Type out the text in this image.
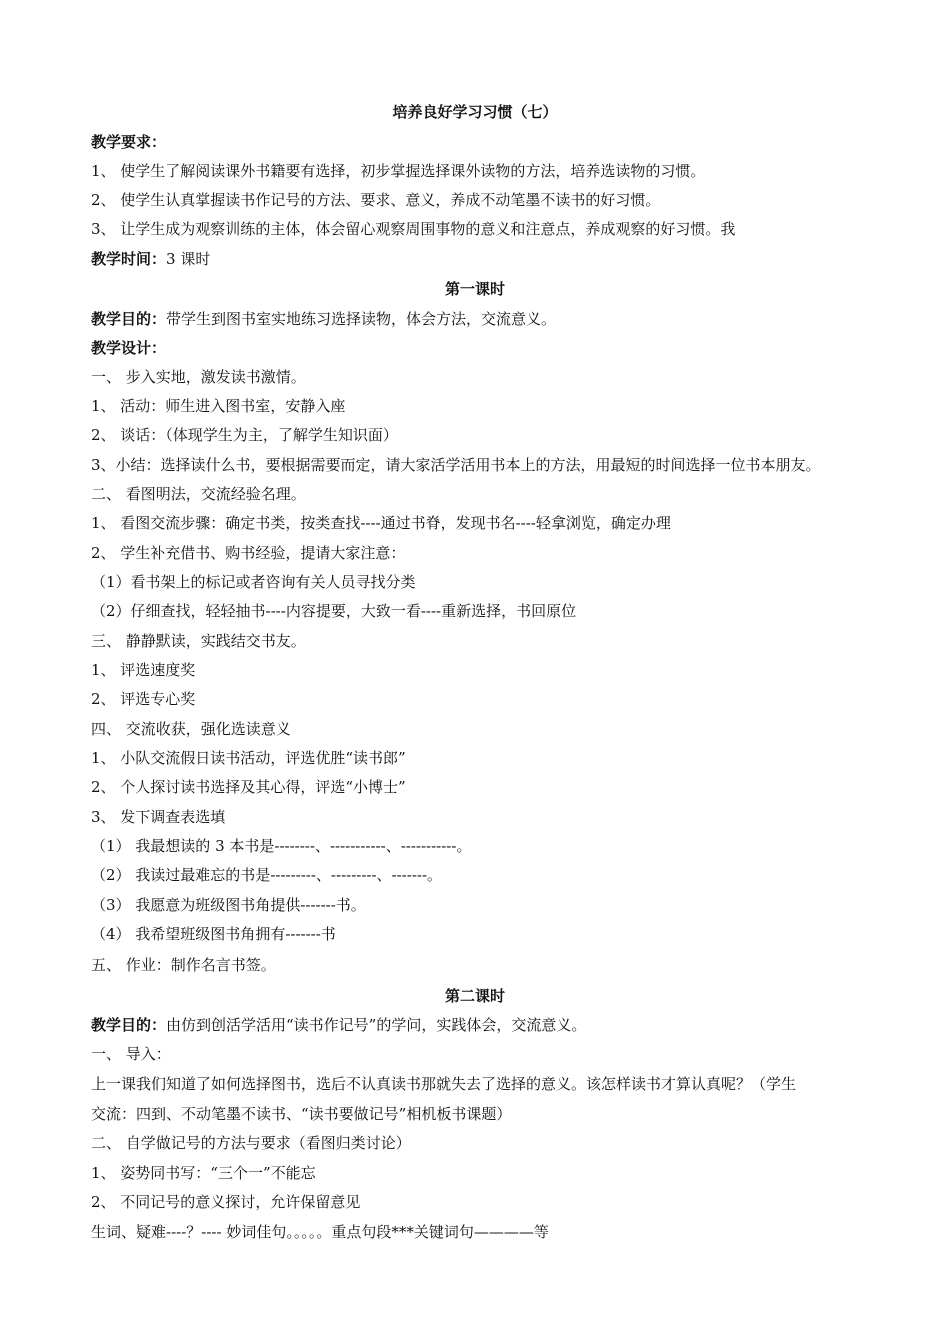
培养良好学习习惯（七）
教学要求：
1、 使学生了解阅读课外书籍要有选择，初步掌握选择课外读物的方法，培养选读物的习惯。
2、 使学生认真掌握读书作记号的方法、要求、意义，养成不动笔墨不读书的好习惯。
3、 让学生成为观察训练的主体，体会留心观察周围事物的意义和注意点，养成观察的好习惯。我
教学时间：3 课时
第一课时
教学目的：带学生到图书室实地练习选择读物，体会方法，交流意义。
教学设计：
一、 步入实地，激发读书激情。
1、 活动：师生进入图书室，安静入座
2、 谈话：（体现学生为主，了解学生知识面）
3、小结：选择读什么书，要根据需要而定，请大家活学活用书本上的方法，用最短的时间选择一位书本朋友。
二、 看图明法，交流经验名理。
1、 看图交流步骤：确定书类，按类查找----通过书脊，发现书名----轻拿浏览，确定办理
2、 学生补充借书、购书经验，提请大家注意：
（1）看书架上的标记或者咨询有关人员寻找分类
（2）仔细查找，轻轻抽书----内容提要，大致一看----重新选择，书回原位
三、 静静默读，实践结交书友。
1、 评选速度奖
2、 评选专心奖
四、 交流收获，强化选读意义
1、 小队交流假日读书活动，评选优胜“读书郎”
2、 个人探讨读书选择及其心得，评选“小博士”
3、 发下调查表选填
（1） 我最想读的 3 本书是--------、-----------、-----------。
（2） 我读过最难忘的书是---------、---------、-------。
（3） 我愿意为班级图书角提供-------书。
（4） 我希望班级图书角拥有-------书
五、 作业：制作名言书签。
第二课时
教学目的：由仿到创活学活用“读书作记号”的学问，实践体会，交流意义。
一、 导入：
上一课我们知道了如何选择图书，选后不认真读书那就失去了选择的意义。该怎样读书才算认真呢？（学生
交流：四到、不动笔墨不读书、“读书要做记号”相机板书课题）
二、 自学做记号的方法与要求（看图归类讨论）
1、 姿势同书写：“三个一”不能忘
2、 不同记号的意义探讨，允许保留意见
生词、疑难----？---- 妙词佳句。。。。。重点句段***关键词句————等
